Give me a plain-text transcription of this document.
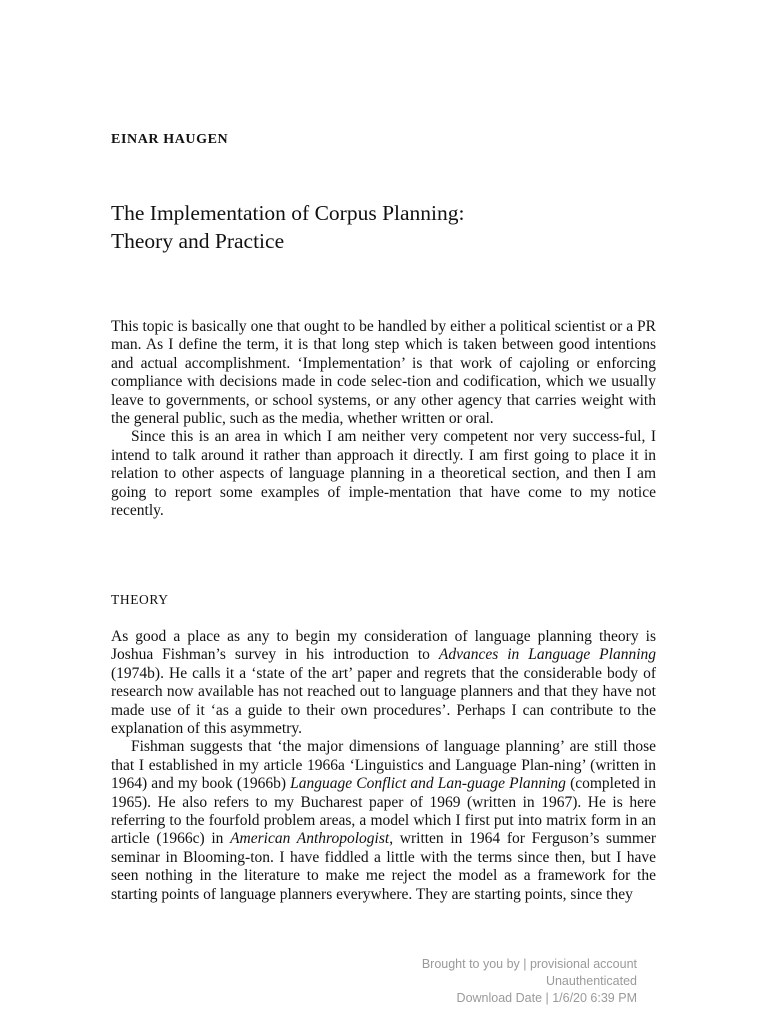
EINAR HAUGEN
The Implementation of Corpus Planning:
Theory and Practice

This topic is basically one that ought to be handled by either a political scientist or a PR man. As I define the term, it is that long step which is taken between good intentions and actual accomplishment. ‘Implementation’ is that work of cajoling or enforcing compliance with decisions made in code selec-tion and codification, which we usually leave to governments, or school systems, or any other agency that carries weight with the general public, such as the media, whether written or oral.

Since this is an area in which I am neither very competent nor very success-ful, I intend to talk around it rather than approach it directly. I am first going to place it in relation to other aspects of language planning in a theoretical section, and then I am going to report some examples of imple-mentation that have come to my notice recently.

THEORY

As good a place as any to begin my consideration of language planning theory is Joshua Fishman’s survey in his introduction to Advances in Language Planning (1974b). He calls it a ‘state of the art’ paper and regrets that the considerable body of research now available has not reached out to language planners and that they have not made use of it ‘as a guide to their own procedures’. Perhaps I can contribute to the explanation of this asymmetry.

Fishman suggests that ‘the major dimensions of language planning’ are still those that I established in my article 1966a ‘Linguistics and Language Plan-ning’ (written in 1964) and my book (1966b) Language Conflict and Lan-guage Planning (completed in 1965). He also refers to my Bucharest paper of 1969 (written in 1967). He is here referring to the fourfold problem areas, a model which I first put into matrix form in an article (1966c) in American Anthropologist, written in 1964 for Ferguson’s summer seminar in Blooming-ton. I have fiddled a little with the terms since then, but I have seen nothing in the literature to make me reject the model as a framework for the starting points of language planners everywhere. They are starting points, since they

Brought to you by | provisional account
Unauthenticated
Download Date | 1/6/20 6:39 PM
